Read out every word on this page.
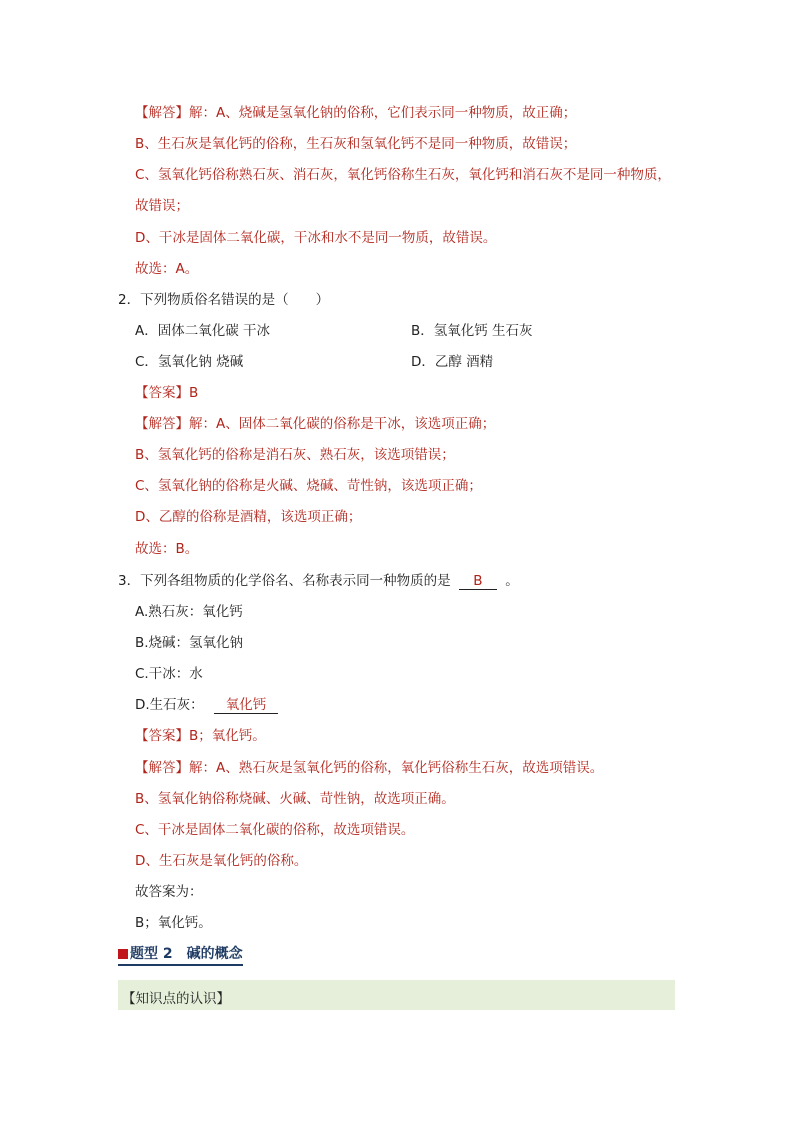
【解答】解：A、烧碱是氢氧化钠的俗称，它们表示同一种物质，故正确；
B、生石灰是氧化钙的俗称，生石灰和氢氧化钙不是同一种物质，故错误；
C、氢氧化钙俗称熟石灰、消石灰，氧化钙俗称生石灰，氧化钙和消石灰不是同一种物质，
故错误；
D、干冰是固体二氧化碳，干冰和水不是同一物质，故错误。
故选：A。
2．下列物质俗名错误的是（　　）
A．固体二氧化碳 干冰	B．氢氧化钙 生石灰
C．氢氧化钠 烧碱	D．乙醇 酒精
【答案】B
【解答】解：A、固体二氧化碳的俗称是干冰，该选项正确；
B、氢氧化钙的俗称是消石灰、熟石灰，该选项错误；
C、氢氧化钠的俗称是火碱、烧碱、苛性钠，该选项正确；
D、乙醇的俗称是酒精，该选项正确；
故选：B。
3．下列各组物质的化学俗名、名称表示同一种物质的是 B 。
A.熟石灰：氧化钙
B.烧碱：氢氧化钠
C.干冰：水
D.生石灰： 氧化钙
【答案】B；氧化钙。
【解答】解：A、熟石灰是氢氧化钙的俗称，氧化钙俗称生石灰，故选项错误。
B、氢氧化钠俗称烧碱、火碱、苛性钠，故选项正确。
C、干冰是固体二氧化碳的俗称，故选项错误。
D、生石灰是氧化钙的俗称。
故答案为：
B；氧化钙。
题型 2　碱的概念
【知识点的认识】
